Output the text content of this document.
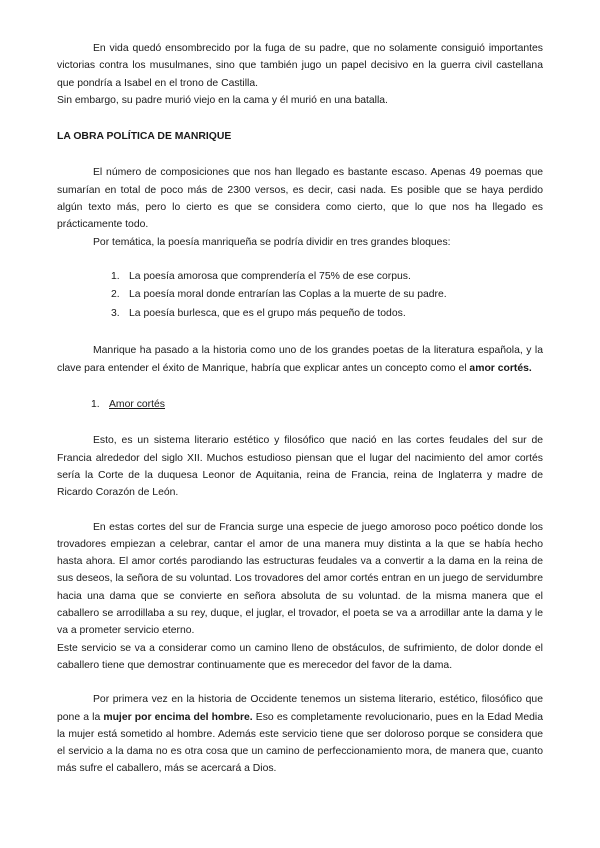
En vida quedó ensombrecido por la fuga de su padre, que no solamente consiguió importantes victorias contra los musulmanes, sino que también jugo un papel decisivo en la guerra civil castellana que pondría a Isabel en el trono de Castilla.

Sin embargo, su padre murió viejo en la cama y él murió en una batalla.

LA OBRA POLÍTICA DE MANRIQUE

El número de composiciones que nos han llegado es bastante escaso. Apenas 49 poemas que sumarían en total de poco más de 2300 versos, es decir, casi nada. Es posible que se haya perdido algún texto más, pero lo cierto es que se considera como cierto, que lo que nos ha llegado es prácticamente todo.

Por temática, la poesía manriqueña se podría dividir en tres grandes bloques:

1. La poesía amorosa que comprendería el 75% de ese corpus.
2. La poesía moral donde entrarían las Coplas a la muerte de su padre.
3. La poesía burlesca, que es el grupo más pequeño de todos.

Manrique ha pasado a la historia como uno de los grandes poetas de la literatura española, y la clave para entender el éxito de Manrique, habría que explicar antes un concepto como el amor cortés.

1. Amor cortés

Esto, es un sistema literario estético y filosófico que nació en las cortes feudales del sur de Francia alrededor del siglo XII. Muchos estudioso piensan que el lugar del nacimiento del amor cortés sería la Corte de la duquesa Leonor de Aquitania, reina de Francia, reina de Inglaterra y madre de Ricardo Corazón de León.

En estas cortes del sur de Francia surge una especie de juego amoroso poco poético donde los trovadores empiezan a celebrar, cantar el amor de una manera muy distinta a la que se había hecho hasta ahora. El amor cortés parodiando las estructuras feudales va a convertir a la dama en la reina de sus deseos, la señora de su voluntad. Los trovadores del amor cortés entran en un juego de servidumbre hacia una dama que se convierte en señora absoluta de su voluntad. de la misma manera que el caballero se arrodillaba a su rey, duque, el juglar, el trovador, el poeta se va a arrodillar ante la dama y le va a prometer servicio eterno.

Este servicio se va a considerar como un camino lleno de obstáculos, de sufrimiento, de dolor donde el caballero tiene que demostrar continuamente que es merecedor del favor de la dama.

Por primera vez en la historia de Occidente tenemos un sistema literario, estético, filosófico que pone a la mujer por encima del hombre. Eso es completamente revolucionario, pues en la Edad Media la mujer está sometido al hombre. Además este servicio tiene que ser doloroso porque se considera que el servicio a la dama no es otra cosa que un camino de perfeccionamiento mora, de manera que, cuanto más sufre el caballero, más se acercará a Dios.
